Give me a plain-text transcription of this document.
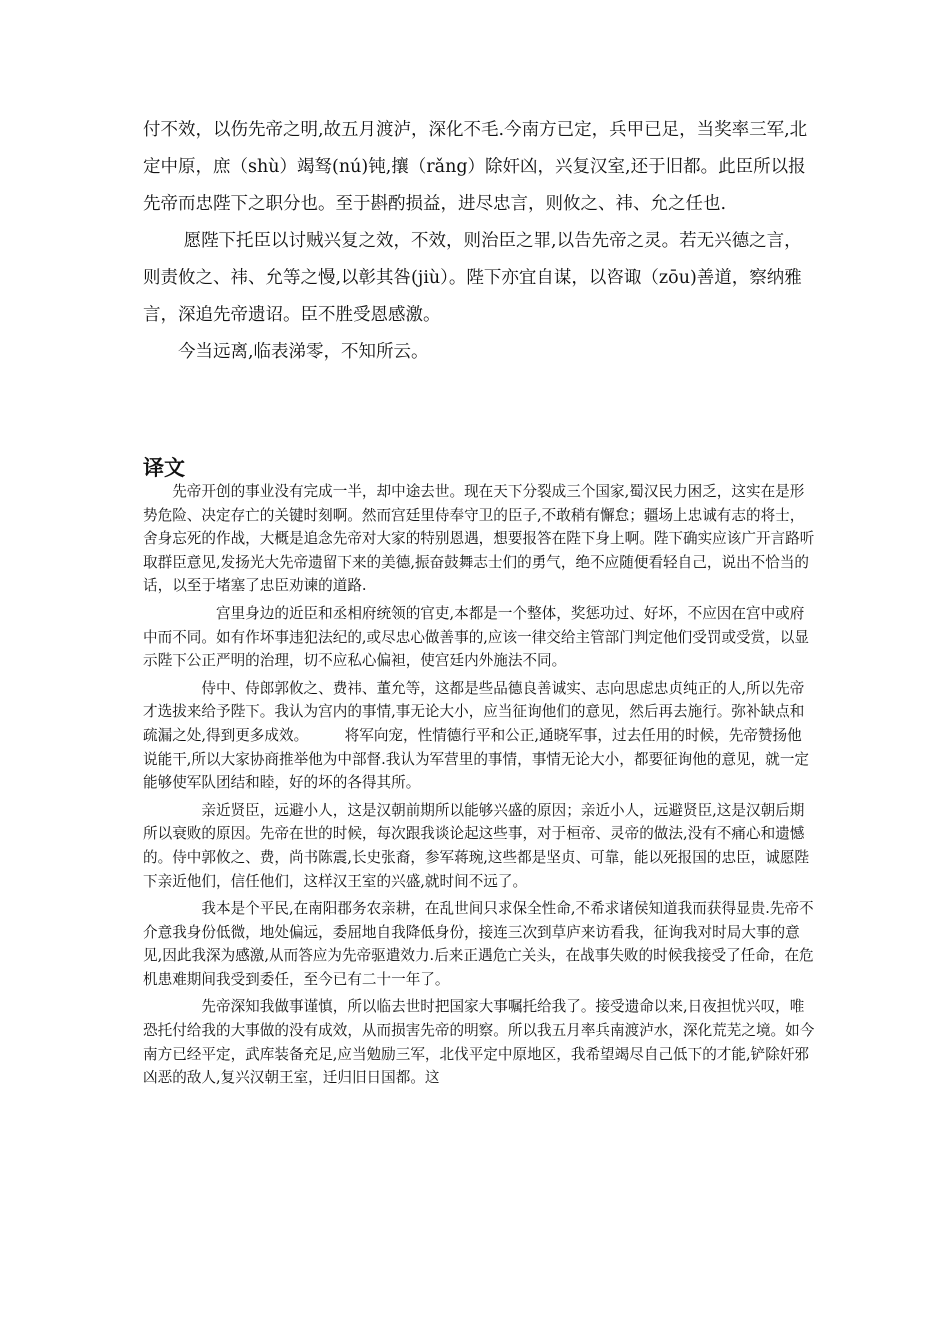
付不效，以伤先帝之明,故五月渡泸，深化不毛.今南方已定，兵甲已足，当奖率三军,北定中原，庶（shù）竭驽(nú)钝,攘（rǎng）除奸凶，兴复汉室,还于旧都。此臣所以报先帝而忠陛下之职分也。至于斟酌损益，进尽忠言，则攸之、祎、允之任也.

　　 愿陛下托臣以讨贼兴复之效，不效，则治臣之罪,以告先帝之灵。若无兴德之言，则责攸之、祎、允等之慢,以彰其咎(jiù）。陛下亦宜自谋，以咨诹（zōu)善道，察纳雅言，深追先帝遗诏。臣不胜受恩感激。

　　今当远离,临表涕零，不知所云。

译文

　　先帝开创的事业没有完成一半，却中途去世。现在天下分裂成三个国家,蜀汉民力困乏，这实在是形势危险、决定存亡的关键时刻啊。然而宫廷里侍奉守卫的臣子,不敢稍有懈怠；疆场上忠诚有志的将士，舍身忘死的作战，大概是追念先帝对大家的特别恩遇，想要报答在陛下身上啊。陛下确实应该广开言路听取群臣意见,发扬光大先帝遗留下来的美德,振奋鼓舞志士们的勇气，绝不应随便看轻自己，说出不恰当的话，以至于堵塞了忠臣劝谏的道路.

　　　　　宫里身边的近臣和丞相府统领的官吏,本都是一个整体，奖惩功过、好坏，不应因在宫中或府中而不同。如有作坏事违犯法纪的,或尽忠心做善事的,应该一律交给主管部门判定他们受罚或受赏，以显示陛下公正严明的治理，切不应私心偏袒，使宫廷内外施法不同。

　　　　侍中、侍郎郭攸之、费祎、董允等，这都是些品德良善诚实、志向思虑忠贞纯正的人,所以先帝才选拔来给予陛下。我认为宫内的事情,事无论大小，应当征询他们的意见，然后再去施行。弥补缺点和疏漏之处,得到更多成效。　　　将军向宠，性情德行平和公正,通晓军事，过去任用的时候，先帝赞扬他说能干,所以大家协商推举他为中部督.我认为军营里的事情，事情无论大小，都要征询他的意见，就一定能够使军队团结和睦，好的坏的各得其所。

　　　　亲近贤臣，远避小人，这是汉朝前期所以能够兴盛的原因；亲近小人，远避贤臣,这是汉朝后期所以衰败的原因。先帝在世的时候，每次跟我谈论起这些事，对于桓帝、灵帝的做法,没有不痛心和遗憾的。侍中郭攸之、费，尚书陈震,长史张裔，参军蒋琬,这些都是坚贞、可靠，能以死报国的忠臣，诚愿陛下亲近他们，信任他们，这样汉王室的兴盛,就时间不远了。

　　　　我本是个平民,在南阳郡务农亲耕，在乱世间只求保全性命,不希求诸侯知道我而获得显贵.先帝不介意我身份低微，地处偏远，委屈地自我降低身份，接连三次到草庐来访看我，征询我对时局大事的意见,因此我深为感激,从而答应为先帝驱遣效力.后来正遇危亡关头，在战事失败的时候我接受了任命，在危机患难期间我受到委任，至今已有二十一年了。

　　　　先帝深知我做事谨慎，所以临去世时把国家大事嘱托给我了。接受遗命以来,日夜担忧兴叹，唯恐托付给我的大事做的没有成效，从而损害先帝的明察。所以我五月率兵南渡泸水，深化荒芜之境。如今南方已经平定，武库装备充足,应当勉励三军，北伐平定中原地区，我希望竭尽自己低下的才能,铲除奸邪凶恶的敌人,复兴汉朝王室，迁归旧日国都。这
